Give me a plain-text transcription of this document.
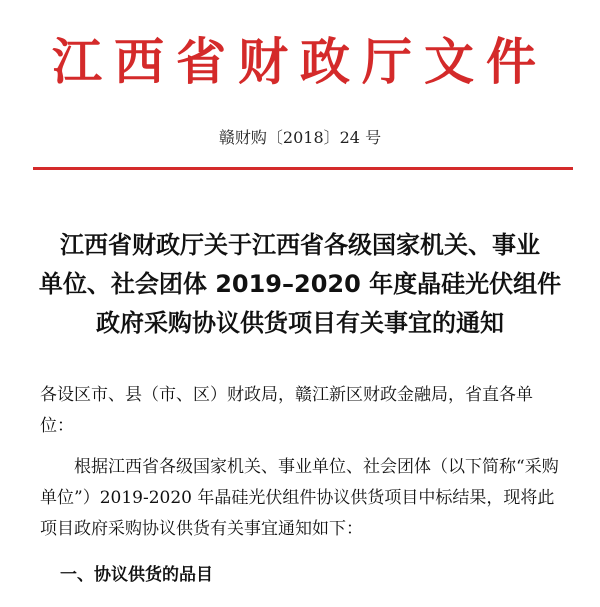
江西省财政厅文件
赣财购〔2018〕24 号
江西省财政厅关于江西省各级国家机关、事业
单位、社会团体 2019–2020 年度晶硅光伏组件
政府采购协议供货项目有关事宜的通知

各设区市、县（市、区）财政局，赣江新区财政金融局，省直各单位：

根据江西省各级国家机关、事业单位、社会团体（以下简称“采购单位”）2019-2020 年晶硅光伏组件协议供货项目中标结果，现将此项目政府采购协议供货有关事宜通知如下：

一、协议供货的品目
